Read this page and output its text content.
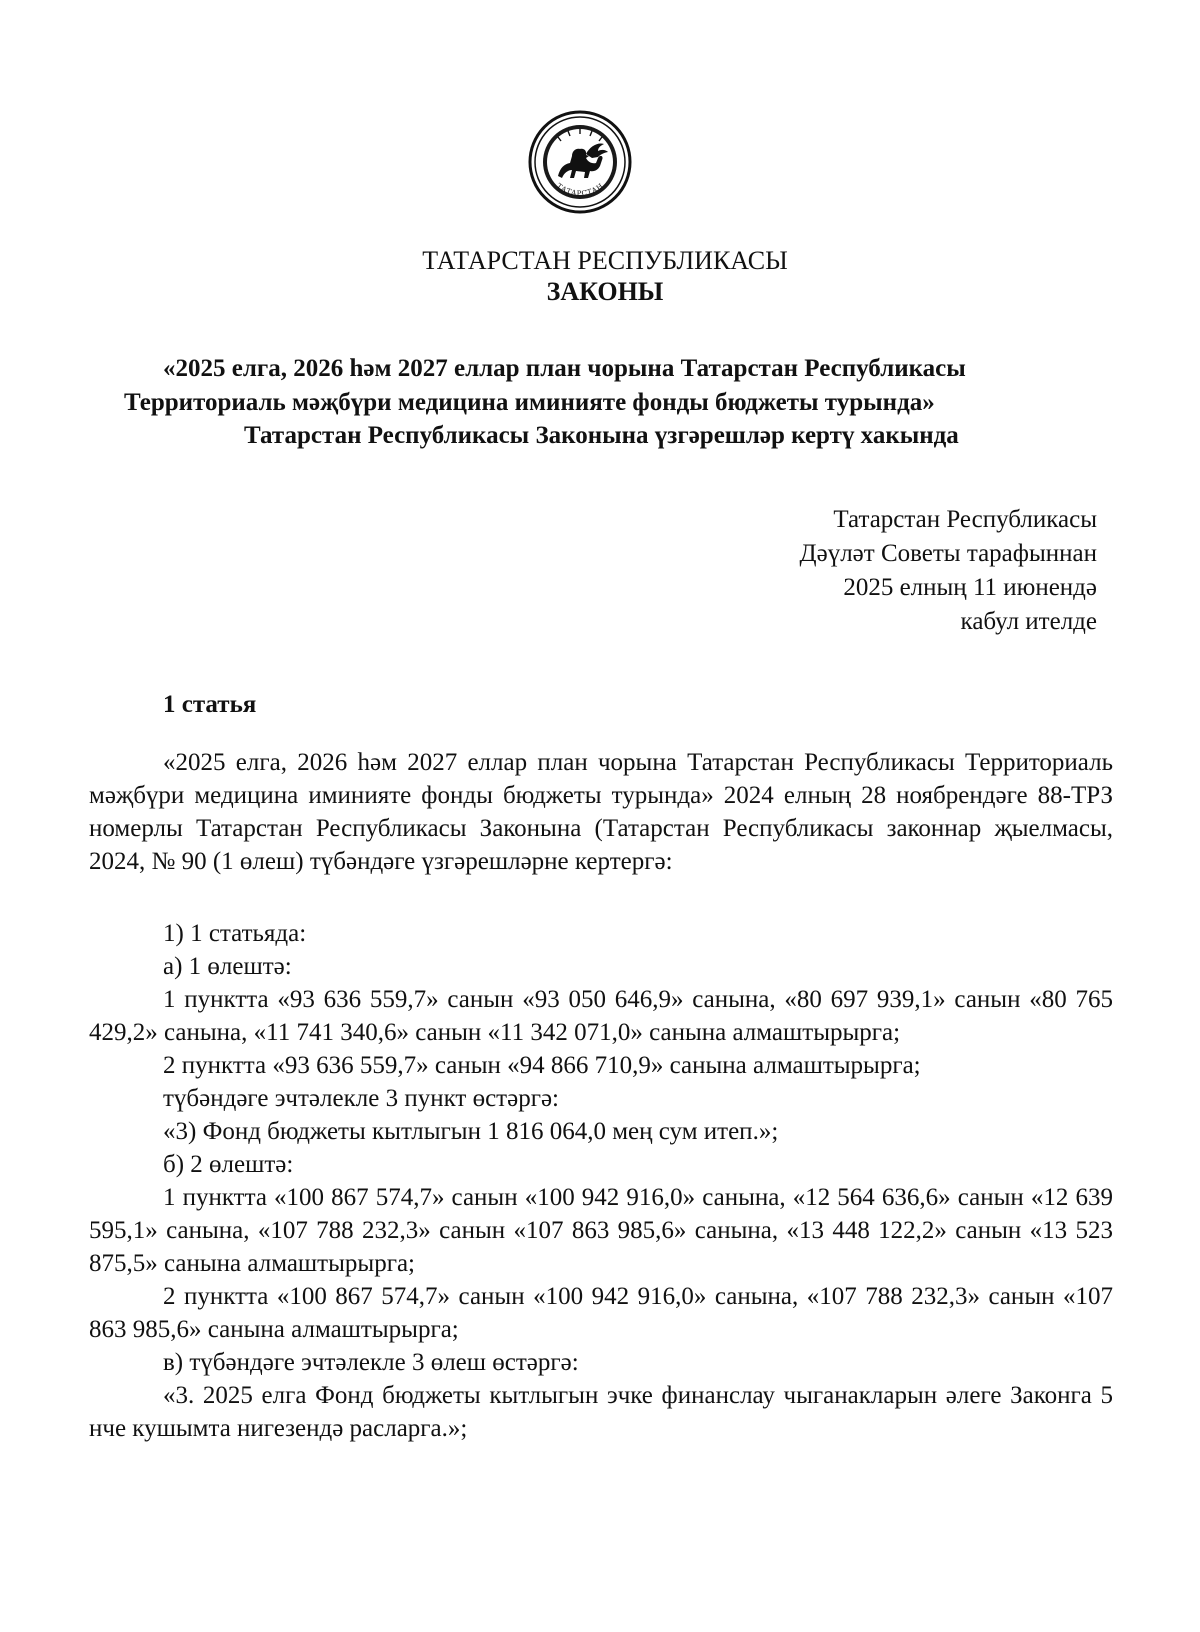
ТАТАРСТАН
ТАТАРСТАН РЕСПУБЛИКАСЫ
ЗАКОНЫ
«2025 елга, 2026 һәм 2027 еллар план чорына Татарстан Республикасы
Территориаль мәҗбүри медицина иминияте фонды бюджеты турында»
Татарстан Республикасы Законына үзгәрешләр кертү хакында
Татарстан Республикасы
Дәүләт Советы тарафыннан
2025 елның 11 июнендә
кабул ителде
1 статья

«2025 елга, 2026 һәм 2027 еллар план чорына Татарстан Республикасы Территориаль мәҗбүри медицина иминияте фонды бюджеты турында» 2024 елның 28 ноябрендәге 88-ТРЗ номерлы Татарстан Республикасы Законына (Татарстан Республикасы законнар җыелмасы, 2024, № 90 (1 өлеш) түбәндәге үзгәрешләрне кертергә:

1) 1 статьяда:

а) 1 өлештә:

1 пунктта «93 636 559,7» санын «93 050 646,9» санына, «80 697 939,1» санын «80 765 429,2» санына, «11 741 340,6» санын «11 342 071,0» санына алмаштырырга;

2 пунктта «93 636 559,7» санын «94 866 710,9» санына алмаштырырга;

түбәндәге эчтәлекле 3 пункт өстәргә:

«3) Фонд бюджеты кытлыгын 1 816 064,0 мең сум итеп.»;

б) 2 өлештә:

1 пунктта «100 867 574,7» санын «100 942 916,0» санына, «12 564 636,6» санын «12 639 595,1» санына, «107 788 232,3» санын «107 863 985,6» санына, «13 448 122,2» санын «13 523 875,5» санына алмаштырырга;

2 пунктта «100 867 574,7» санын «100 942 916,0» санына, «107 788 232,3» санын «107 863 985,6» санына алмаштырырга;

в) түбәндәге эчтәлекле 3 өлеш өстәргә:

«3. 2025 елга Фонд бюджеты кытлыгын эчке финанслау чыганакларын әлеге Законга 5 нче кушымта нигезендә расларга.»;
